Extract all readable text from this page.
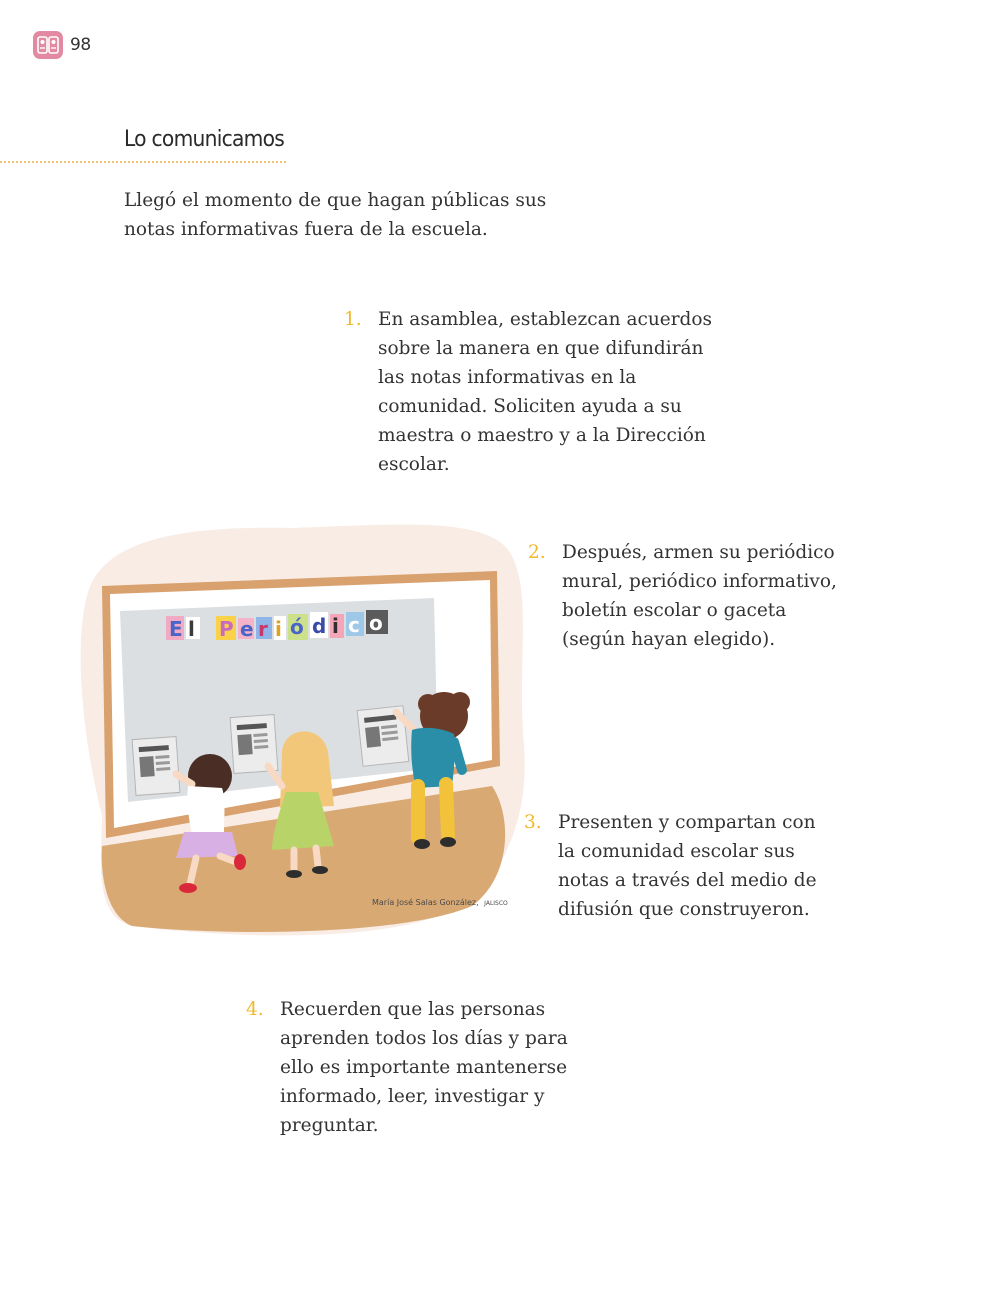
98
Lo comunicamos
Llegó el momento de que hagan públicas sus notas informativas fuera de la escuela.
1. En asamblea, establezcan acuerdos
sobre la manera en que difundirán
las notas informativas en la
comunidad. Soliciten ayuda a su
maestra o maestro y a la Dirección
escolar.
E l P e r i ó d i c o
María José Salas González, JALISCO
2. Después, armen su periódico
mural, periódico informativo,
boletín escolar o gaceta
(según hayan elegido).
3. Presenten y compartan con
la comunidad escolar sus
notas a través del medio de
difusión que construyeron.
4. Recuerden que las personas
aprenden todos los días y para
ello es importante mantenerse
informado, leer, investigar y
preguntar.
